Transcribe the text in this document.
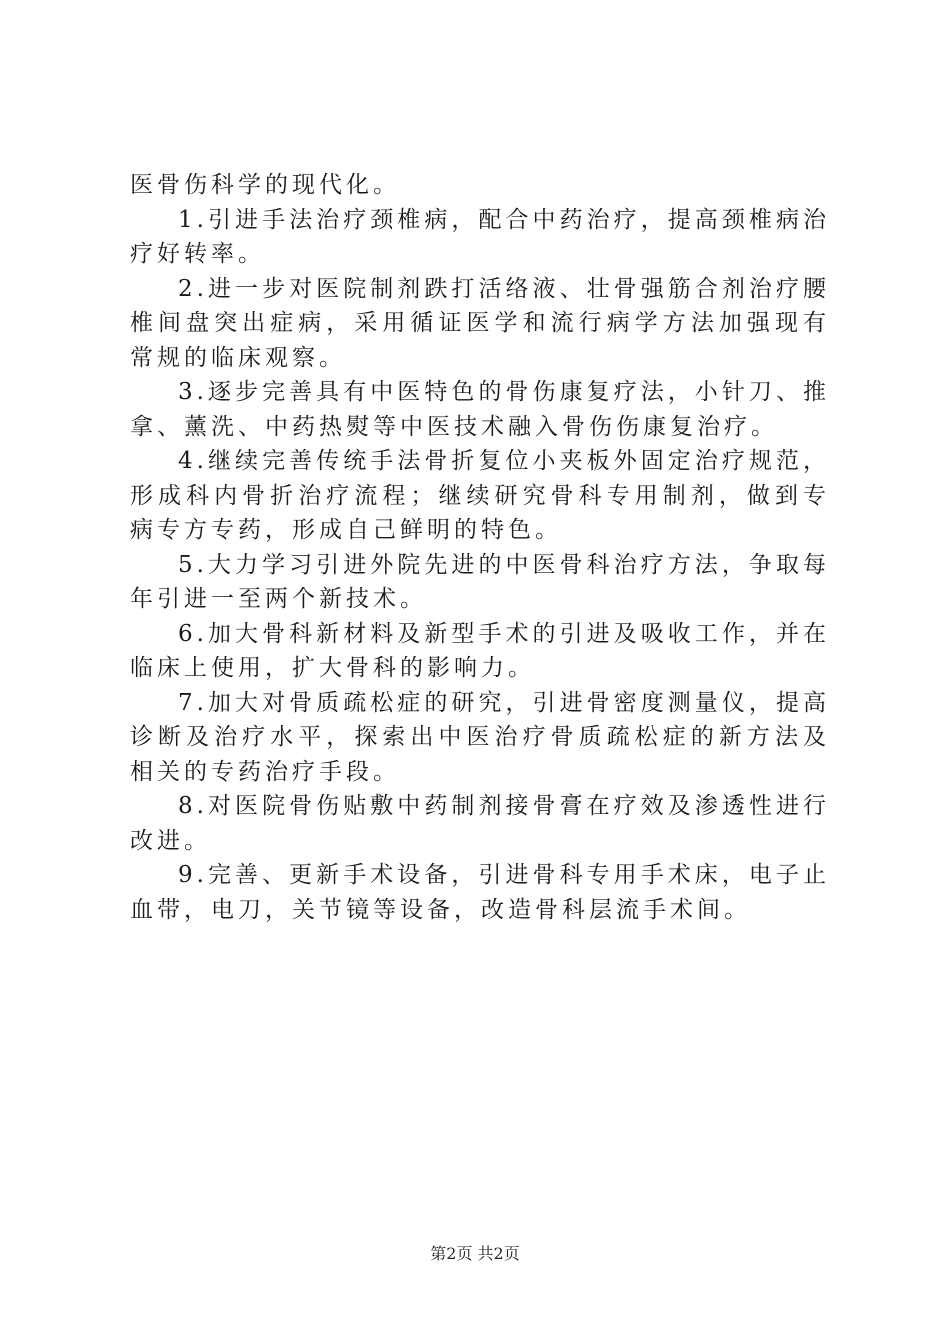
医骨伤科学的现代化。

1.引进手法治疗颈椎病，配合中药治疗，提高颈椎病治疗好转率。

2.进一步对医院制剂跌打活络液、壮骨强筋合剂治疗腰椎间盘突出症病，采用循证医学和流行病学方法加强现有常规的临床观察。

3.逐步完善具有中医特色的骨伤康复疗法，小针刀、推拿、薰洗、中药热熨等中医技术融入骨伤伤康复治疗。

4.继续完善传统手法骨折复位小夹板外固定治疗规范，形成科内骨折治疗流程；继续研究骨科专用制剂，做到专病专方专药，形成自己鲜明的特色。

5.大力学习引进外院先进的中医骨科治疗方法，争取每年引进一至两个新技术。

6.加大骨科新材料及新型手术的引进及吸收工作，并在临床上使用，扩大骨科的影响力。

7.加大对骨质疏松症的研究，引进骨密度测量仪，提高诊断及治疗水平，探索出中医治疗骨质疏松症的新方法及相关的专药治疗手段。

8.对医院骨伤贴敷中药制剂接骨膏在疗效及渗透性进行改进。

9.完善、更新手术设备，引进骨科专用手术床，电子止血带，电刀，关节镜等设备，改造骨科层流手术间。

第2页 共2页
